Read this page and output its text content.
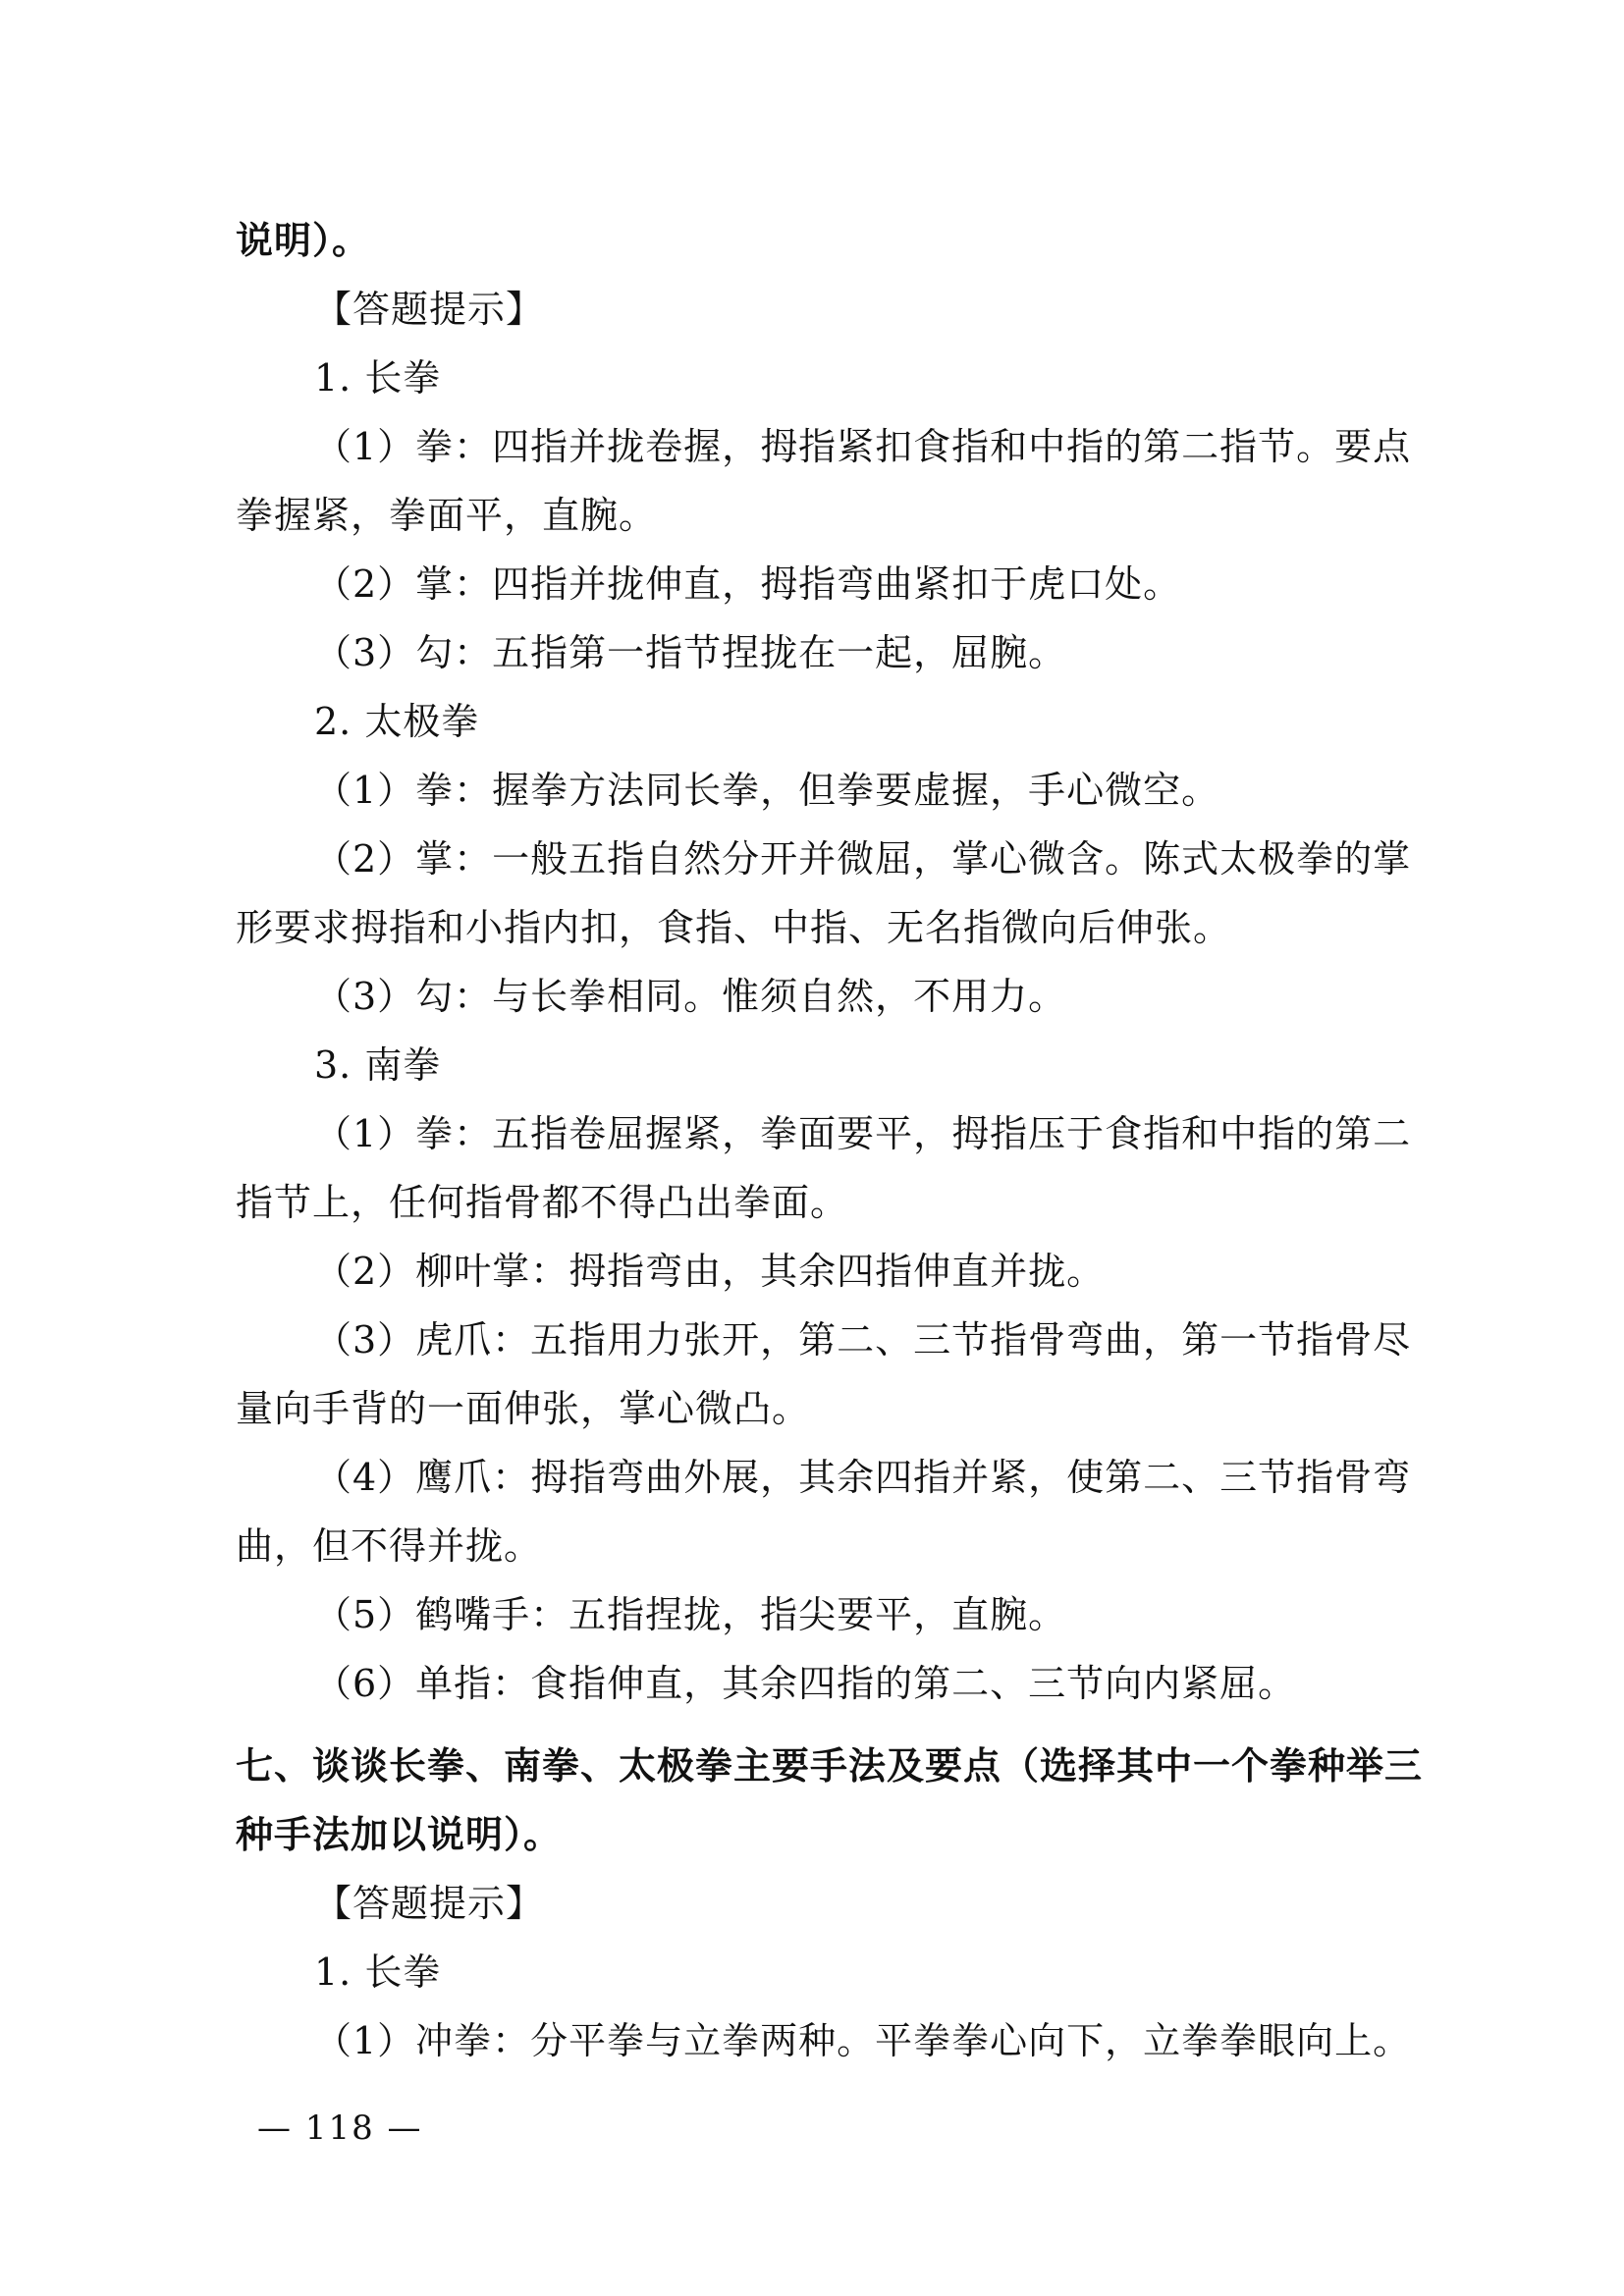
说明）。

【答题提示】

1. 长拳

（1）拳：四指并拢卷握，拇指紧扣食指和中指的第二指节。要点拳握紧，拳面平，直腕。

（2）掌：四指并拢伸直，拇指弯曲紧扣于虎口处。

（3）勾：五指第一指节捏拢在一起，屈腕。

2. 太极拳

（1）拳：握拳方法同长拳，但拳要虚握，手心微空。

（2）掌：一般五指自然分开并微屈，掌心微含。陈式太极拳的掌形要求拇指和小指内扣，食指、中指、无名指微向后伸张。

（3）勾：与长拳相同。惟须自然，不用力。

3. 南拳

（1）拳：五指卷屈握紧，拳面要平，拇指压于食指和中指的第二指节上，任何指骨都不得凸出拳面。

（2）柳叶掌：拇指弯由，其余四指伸直并拢。

（3）虎爪：五指用力张开，第二、三节指骨弯曲，第一节指骨尽量向手背的一面伸张，掌心微凸。

（4）鹰爪：拇指弯曲外展，其余四指并紧，使第二、三节指骨弯曲，但不得并拢。

（5）鹤嘴手：五指捏拢，指尖要平，直腕。

（6）单指：食指伸直，其余四指的第二、三节向内紧屈。

七、谈谈长拳、南拳、太极拳主要手法及要点（选择其中一个拳种举三种手法加以说明）。

【答题提示】

1. 长拳

（1）冲拳：分平拳与立拳两种。平拳拳心向下，立拳拳眼向上。

— 118 —
